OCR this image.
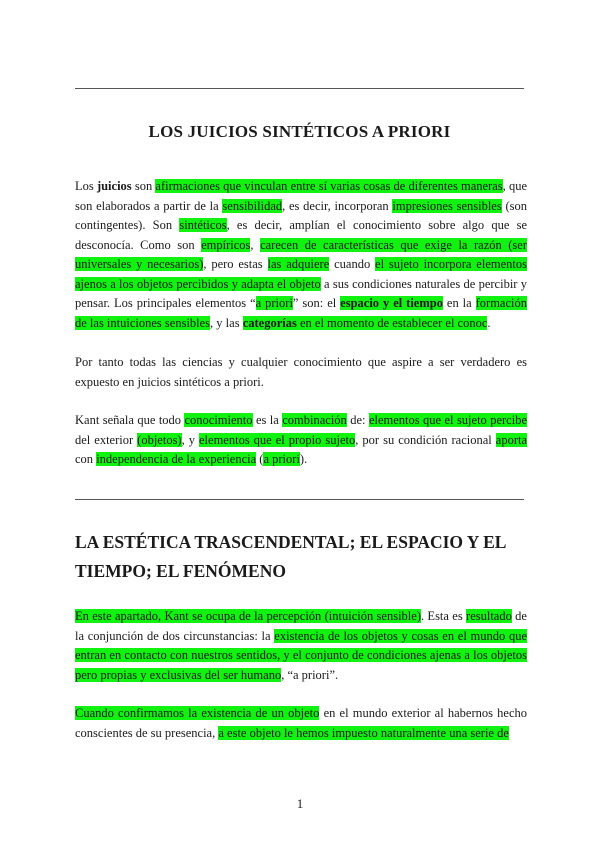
LOS JUICIOS SINTÉTICOS A PRIORI

Los juicios son afirmaciones que vinculan entre sí varias cosas de diferentes maneras, que son elaborados a partir de la sensibilidad, es decir, incorporan impresiones sensibles (son contingentes). Son sintéticos, es decir, amplían el conocimiento sobre algo que se desconocía. Como son empíricos, carecen de características que exige la razón (ser universales y necesarios), pero estas las adquiere cuando el sujeto incorpora elementos ajenos a los objetos percibidos y adapta el objeto a sus condiciones naturales de percibir y pensar. Los principales elementos “a priori” son: el espacio y el tiempo en la formación de las intuiciones sensibles, y las categorías en el momento de establecer el conoc.

Por tanto todas las ciencias y cualquier conocimiento que aspire a ser verdadero es expuesto en juicios sintéticos a priori.

Kant señala que todo conocimiento es la combinación de: elementos que el sujeto percibe del exterior (objetos), y elementos que el propio sujeto, por su condición racional aporta con independencia de la experiencia (a priori).

LA ESTÉTICA TRASCENDENTAL; EL ESPACIO Y EL TIEMPO; EL FENÓMENO

En este apartado, Kant se ocupa de la percepción (intuición sensible). Esta es resultado de la conjunción de dos circunstancias: la existencia de los objetos y cosas en el mundo que entran en contacto con nuestros sentidos, y el conjunto de condiciones ajenas a los objetos pero propias y exclusivas del ser humano, “a priori”.

Cuando confirmamos la existencia de un objeto en el mundo exterior al habernos hecho conscientes de su presencia, a este objeto le hemos impuesto naturalmente una serie de

1
